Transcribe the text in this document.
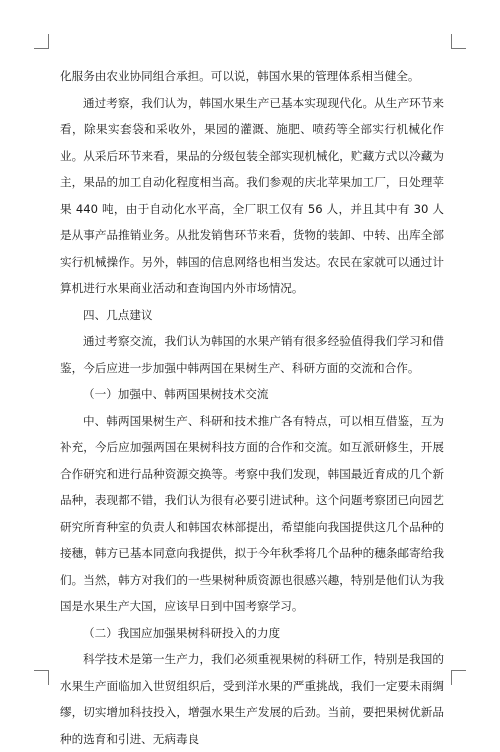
化服务由农业协同组合承担。可以说，韩国水果的管理体系相当健全。

通过考察，我们认为，韩国水果生产已基本实现现代化。从生产环节来看，除果实套袋和采收外，果园的灌溉、施肥、喷药等全部实行机械化作业。从采后环节来看，果品的分级包装全部实现机械化，贮藏方式以冷藏为主，果品的加工自动化程度相当高。我们参观的庆北苹果加工厂，日处理苹果 440 吨，由于自动化水平高，全厂职工仅有 56 人，并且其中有 30 人是从事产品推销业务。从批发销售环节来看，货物的装卸、中转、出库全部实行机械操作。另外，韩国的信息网络也相当发达。农民在家就可以通过计算机进行水果商业活动和查询国内外市场情况。

四、几点建议

通过考察交流，我们认为韩国的水果产销有很多经验值得我们学习和借鉴，今后应进一步加强中韩两国在果树生产、科研方面的交流和合作。

（一）加强中、韩两国果树技术交流

中、韩两国果树生产、科研和技术推广各有特点，可以相互借鉴，互为补充，今后应加强两国在果树科技方面的合作和交流。如互派研修生，开展合作研究和进行品种资源交换等。考察中我们发现，韩国最近育成的几个新品种，表现都不错，我们认为很有必要引进试种。这个问题考察团已向园艺研究所育种室的负责人和韩国农林部提出，希望能向我国提供这几个品种的接穗，韩方已基本同意向我提供，拟于今年秋季将几个品种的穗条邮寄给我们。当然，韩方对我们的一些果树种质资源也很感兴趣，特别是他们认为我国是水果生产大国，应该早日到中国考察学习。

（二）我国应加强果树科研投入的力度

科学技术是第一生产力，我们必须重视果树的科研工作，特别是我国的水果生产面临加入世贸组织后，受到洋水果的严重挑战，我们一定要未雨绸缪，切实增加科技投入，增强水果生产发展的后劲。当前，要把果树优新品种的选育和引进、无病毒良
